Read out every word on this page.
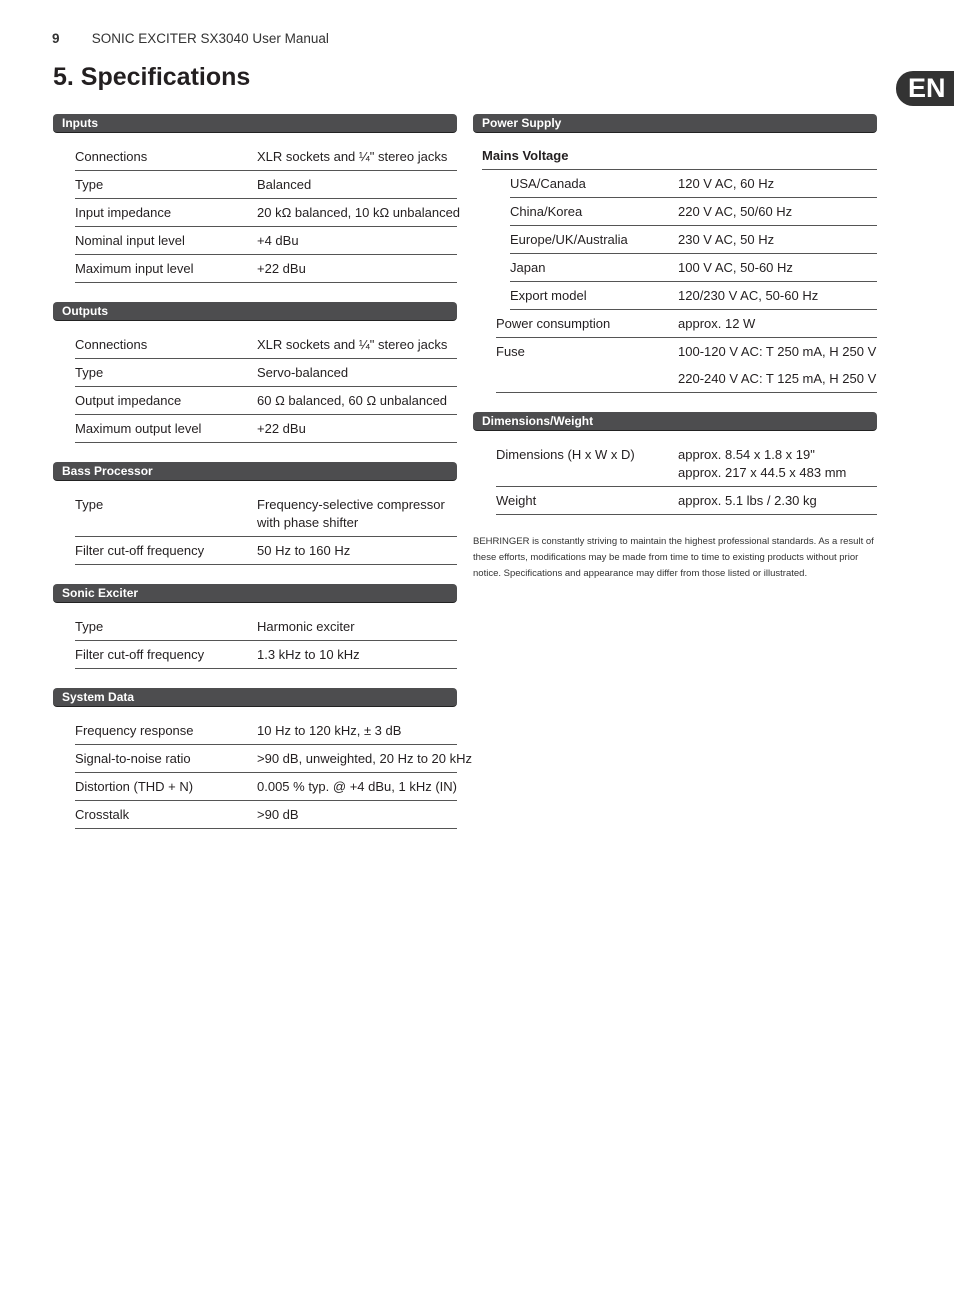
9 SONIC EXCITER SX3040 User Manual
5. Specifications	EN
Inputs
Connections	XLR sockets and ¼" stereo jacks
Type	Balanced
Input impedance	20 kΩ balanced, 10 kΩ unbalanced
Nominal input level	+4 dBu
Maximum input level	+22 dBu
Outputs
Connections	XLR sockets and ¼" stereo jacks
Type	Servo-balanced
Output impedance	60 Ω balanced, 60 Ω unbalanced
Maximum output level	+22 dBu
Bass Processor
Type	Frequency-selective compressor
with phase shifter
Filter cut-off frequency	50 Hz to 160 Hz
Sonic Exciter
Type	Harmonic exciter
Filter cut-off frequency	1.3 kHz to 10 kHz
System Data
Frequency response	10 Hz to 120 kHz, ± 3 dB
Signal-to-noise ratio	>90 dB, unweighted, 20 Hz to 20 kHz
Distortion (THD + N)	0.005 % typ. @ +4 dBu, 1 kHz (IN)
Crosstalk	>90 dB
Power Supply
Mains Voltage
USA/Canada	120 V AC, 60 Hz
China/Korea	220 V AC, 50/60 Hz
Europe/UK/Australia	230 V AC, 50 Hz
Japan	100 V AC, 50-60 Hz
Export model	120/230 V AC, 50-60 Hz
Power consumption	approx. 12 W
Fuse	100-120 V AC: T 250 mA, H 250 V
220-240 V AC: T 125 mA, H 250 V
Dimensions/Weight
Dimensions (H x W x D)	approx. 8.54 x 1.8 x 19"
approx. 217 x 44.5 x 483 mm
Weight	approx. 5.1 lbs / 2.30 kg
BEHRINGER is constantly striving to maintain the highest professional standards. As a result of these efforts, modifications may be made from time to time to existing products without prior notice. Specifications and appearance may differ from those listed or illustrated.
